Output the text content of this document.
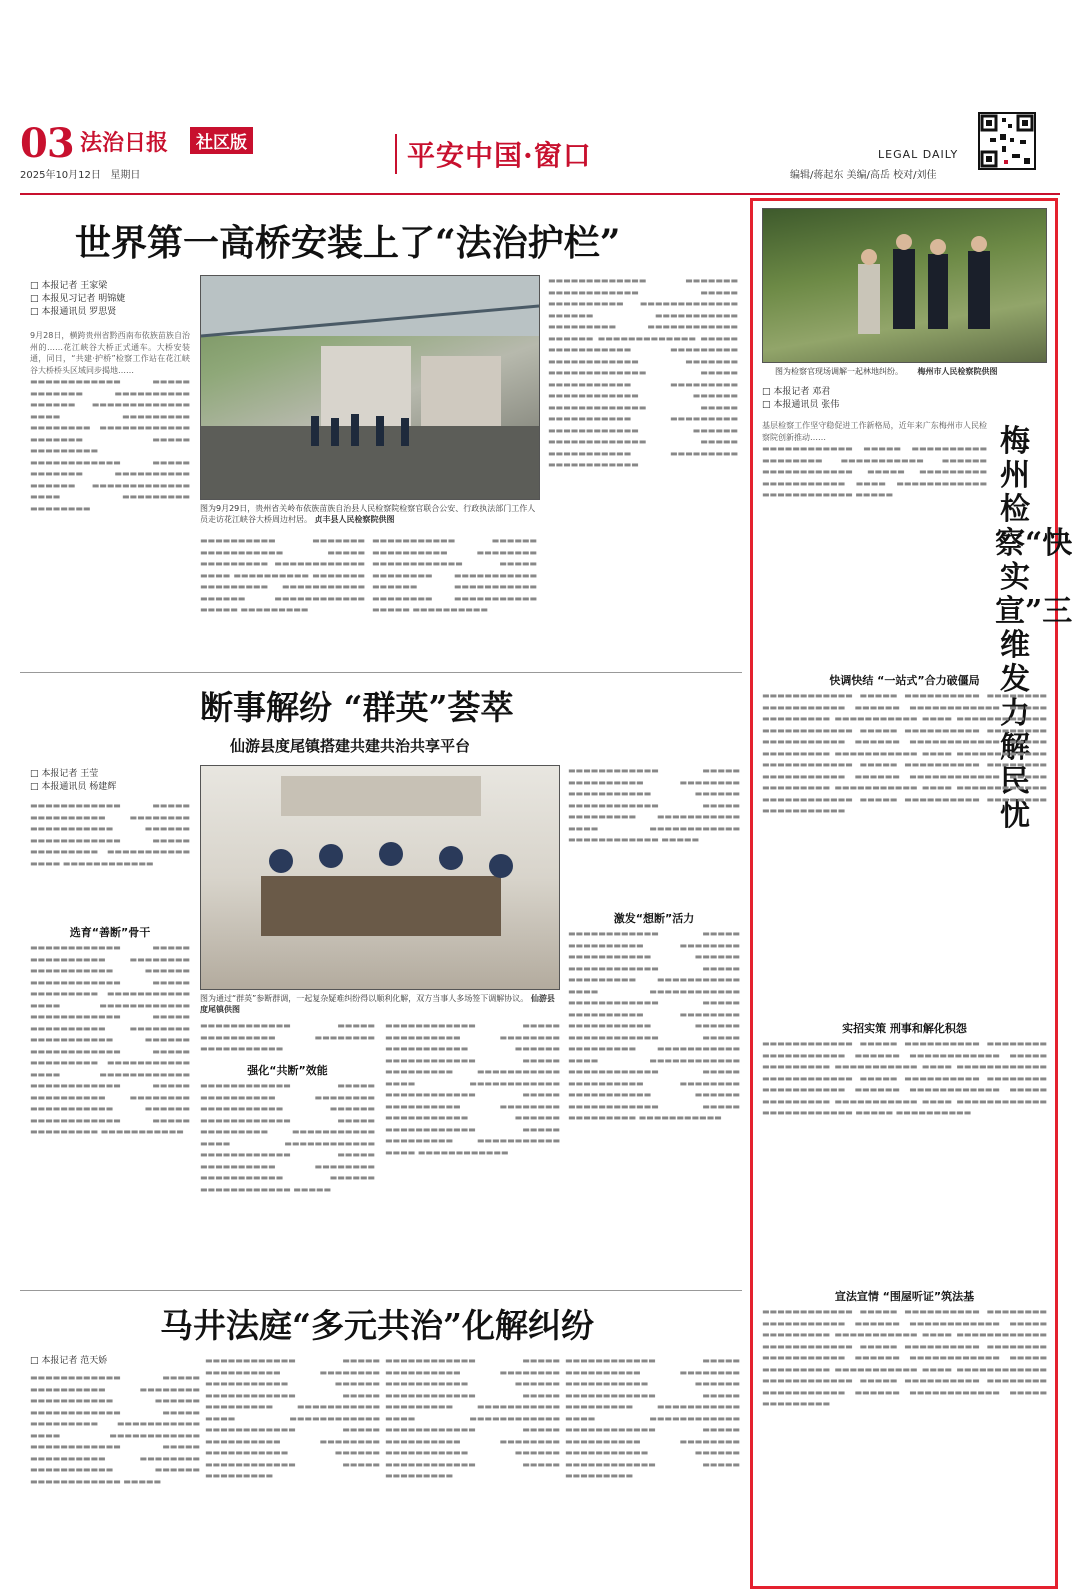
03 法治日报	社区版
2025年10月12日   星期日
平安中国·窗口	LEGAL DAILY
编辑/蒋起东 美编/高岳 校对/刘佳
世界第一高桥安装上了“法治护栏”
□ 本报记者 王家梁
□ 本报见习记者 明锦婕
□ 本报通讯员 罗思贤
9月28日，横跨贵州省黔西南布依族苗族自治州的……花江峡谷大桥正式通车。大桥安装通，同日，“共建·护桥”检察工作站在花江峡谷大桥桥头区域同步揭地……
▬▬▬▬▬▬▬▬▬▬▬▬ ▬▬▬▬▬ ▬▬▬▬▬▬▬ ▬▬▬▬▬▬▬▬▬▬ ▬▬▬▬▬▬ ▬▬▬▬▬▬▬▬▬▬▬▬▬ ▬▬▬▬ ▬▬▬▬▬▬▬▬▬ ▬▬▬▬▬▬▬▬ ▬▬▬▬▬▬▬▬▬▬▬▬ ▬▬▬▬▬▬▬ ▬▬▬▬▬ ▬▬▬▬▬▬▬▬▬ ▬▬▬▬▬▬▬▬▬▬▬▬ ▬▬▬▬▬ ▬▬▬▬▬▬▬ ▬▬▬▬▬▬▬▬▬▬ ▬▬▬▬▬▬ ▬▬▬▬▬▬▬▬▬▬▬▬▬ ▬▬▬▬ ▬▬▬▬▬▬▬▬▬ ▬▬▬▬▬▬▬▬	图为9月29日，贵州省关岭布依族苗族自治县人民检察院检察官联合公安、行政执法部门工作人员走访花江峡谷大桥周边村居。 贞丰县人民检察院供图
▬▬▬▬▬▬▬▬▬▬ ▬▬▬▬▬▬▬ ▬▬▬▬▬▬▬▬▬▬▬ ▬▬▬▬▬ ▬▬▬▬▬▬▬▬▬ ▬▬▬▬▬▬▬▬▬▬▬▬ ▬▬▬▬ ▬▬▬▬▬▬▬▬▬▬ ▬▬▬▬▬▬▬ ▬▬▬▬▬▬▬▬▬ ▬▬▬▬▬▬▬▬▬▬▬ ▬▬▬▬▬▬ ▬▬▬▬▬▬▬▬▬▬▬▬ ▬▬▬▬▬ ▬▬▬▬▬▬▬▬▬
▬▬▬▬▬▬▬▬▬▬▬ ▬▬▬▬▬▬ ▬▬▬▬▬▬▬▬▬▬ ▬▬▬▬▬▬▬▬ ▬▬▬▬▬▬▬▬▬▬▬▬ ▬▬▬▬▬ ▬▬▬▬▬▬▬▬ ▬▬▬▬▬▬▬▬▬▬▬ ▬▬▬▬▬▬ ▬▬▬▬▬▬▬▬▬▬▬ ▬▬▬▬▬▬▬▬ ▬▬▬▬▬▬▬▬▬▬▬ ▬▬▬▬▬ ▬▬▬▬▬▬▬▬▬▬
▬▬▬▬▬▬▬▬▬▬▬▬▬ ▬▬▬▬▬▬▬ ▬▬▬▬▬▬▬▬▬▬▬▬ ▬▬▬▬▬ ▬▬▬▬▬▬▬▬▬▬ ▬▬▬▬▬▬▬▬▬▬▬▬▬ ▬▬▬▬▬▬ ▬▬▬▬▬▬▬▬▬▬▬ ▬▬▬▬▬▬▬▬▬ ▬▬▬▬▬▬▬▬▬▬▬▬ ▬▬▬▬▬▬ ▬▬▬▬▬▬▬▬▬▬▬▬▬ ▬▬▬▬▬ ▬▬▬▬▬▬▬▬▬▬▬ ▬▬▬▬▬▬▬▬▬ ▬▬▬▬▬▬▬▬▬▬▬▬ ▬▬▬▬▬▬▬ ▬▬▬▬▬▬▬▬▬▬▬▬▬ ▬▬▬▬▬ ▬▬▬▬▬▬▬▬▬▬▬ ▬▬▬▬▬▬▬▬▬ ▬▬▬▬▬▬▬▬▬▬▬▬ ▬▬▬▬▬▬ ▬▬▬▬▬▬▬▬▬▬▬▬▬ ▬▬▬▬▬ ▬▬▬▬▬▬▬▬▬▬▬ ▬▬▬▬▬▬▬▬▬ ▬▬▬▬▬▬▬▬▬▬▬▬ ▬▬▬▬▬▬ ▬▬▬▬▬▬▬▬▬▬▬▬▬ ▬▬▬▬▬ ▬▬▬▬▬▬▬▬▬▬▬ ▬▬▬▬▬▬▬▬▬ ▬▬▬▬▬▬▬▬▬▬▬▬
断事解纷 “群英”荟萃
仙游县度尾镇搭建共建共治共享平台
□ 本报记者 王莹
□ 本报通讯员 杨建辉
▬▬▬▬▬▬▬▬▬▬▬▬ ▬▬▬▬▬ ▬▬▬▬▬▬▬▬▬▬ ▬▬▬▬▬▬▬▬ ▬▬▬▬▬▬▬▬▬▬▬ ▬▬▬▬▬▬ ▬▬▬▬▬▬▬▬▬▬▬▬ ▬▬▬▬▬ ▬▬▬▬▬▬▬▬▬ ▬▬▬▬▬▬▬▬▬▬▬ ▬▬▬▬ ▬▬▬▬▬▬▬▬▬▬▬▬
选育“善断”骨干
▬▬▬▬▬▬▬▬▬▬▬▬ ▬▬▬▬▬ ▬▬▬▬▬▬▬▬▬▬ ▬▬▬▬▬▬▬▬ ▬▬▬▬▬▬▬▬▬▬▬ ▬▬▬▬▬▬ ▬▬▬▬▬▬▬▬▬▬▬▬ ▬▬▬▬▬ ▬▬▬▬▬▬▬▬▬ ▬▬▬▬▬▬▬▬▬▬▬ ▬▬▬▬ ▬▬▬▬▬▬▬▬▬▬▬▬ ▬▬▬▬▬▬▬▬▬▬▬▬ ▬▬▬▬▬ ▬▬▬▬▬▬▬▬▬▬ ▬▬▬▬▬▬▬▬ ▬▬▬▬▬▬▬▬▬▬▬ ▬▬▬▬▬▬ ▬▬▬▬▬▬▬▬▬▬▬▬ ▬▬▬▬▬ ▬▬▬▬▬▬▬▬▬ ▬▬▬▬▬▬▬▬▬▬▬ ▬▬▬▬ ▬▬▬▬▬▬▬▬▬▬▬▬ ▬▬▬▬▬▬▬▬▬▬▬▬ ▬▬▬▬▬ ▬▬▬▬▬▬▬▬▬▬ ▬▬▬▬▬▬▬▬ ▬▬▬▬▬▬▬▬▬▬▬ ▬▬▬▬▬▬ ▬▬▬▬▬▬▬▬▬▬▬▬ ▬▬▬▬▬ ▬▬▬▬▬▬▬▬▬ ▬▬▬▬▬▬▬▬▬▬▬
图为通过“群英”参断群调，一起复杂疑难纠纷得以顺利化解，双方当事人多场签下调解协议。 仙游县度尾镇供图
▬▬▬▬▬▬▬▬▬▬▬▬ ▬▬▬▬▬ ▬▬▬▬▬▬▬▬▬▬ ▬▬▬▬▬▬▬▬ ▬▬▬▬▬▬▬▬▬▬▬
强化“共断”效能
▬▬▬▬▬▬▬▬▬▬▬▬ ▬▬▬▬▬ ▬▬▬▬▬▬▬▬▬▬ ▬▬▬▬▬▬▬▬ ▬▬▬▬▬▬▬▬▬▬▬ ▬▬▬▬▬▬ ▬▬▬▬▬▬▬▬▬▬▬▬ ▬▬▬▬▬ ▬▬▬▬▬▬▬▬▬ ▬▬▬▬▬▬▬▬▬▬▬ ▬▬▬▬ ▬▬▬▬▬▬▬▬▬▬▬▬ ▬▬▬▬▬▬▬▬▬▬▬▬ ▬▬▬▬▬ ▬▬▬▬▬▬▬▬▬▬ ▬▬▬▬▬▬▬▬ ▬▬▬▬▬▬▬▬▬▬▬ ▬▬▬▬▬▬ ▬▬▬▬▬▬▬▬▬▬▬▬ ▬▬▬▬▬
▬▬▬▬▬▬▬▬▬▬▬▬ ▬▬▬▬▬ ▬▬▬▬▬▬▬▬▬▬ ▬▬▬▬▬▬▬▬ ▬▬▬▬▬▬▬▬▬▬▬ ▬▬▬▬▬▬ ▬▬▬▬▬▬▬▬▬▬▬▬ ▬▬▬▬▬ ▬▬▬▬▬▬▬▬▬ ▬▬▬▬▬▬▬▬▬▬▬ ▬▬▬▬ ▬▬▬▬▬▬▬▬▬▬▬▬ ▬▬▬▬▬▬▬▬▬▬▬▬ ▬▬▬▬▬ ▬▬▬▬▬▬▬▬▬▬ ▬▬▬▬▬▬▬▬ ▬▬▬▬▬▬▬▬▬▬▬ ▬▬▬▬▬▬ ▬▬▬▬▬▬▬▬▬▬▬▬ ▬▬▬▬▬ ▬▬▬▬▬▬▬▬▬ ▬▬▬▬▬▬▬▬▬▬▬ ▬▬▬▬ ▬▬▬▬▬▬▬▬▬▬▬▬
▬▬▬▬▬▬▬▬▬▬▬▬ ▬▬▬▬▬ ▬▬▬▬▬▬▬▬▬▬ ▬▬▬▬▬▬▬▬ ▬▬▬▬▬▬▬▬▬▬▬ ▬▬▬▬▬▬ ▬▬▬▬▬▬▬▬▬▬▬▬ ▬▬▬▬▬ ▬▬▬▬▬▬▬▬▬ ▬▬▬▬▬▬▬▬▬▬▬ ▬▬▬▬ ▬▬▬▬▬▬▬▬▬▬▬▬ ▬▬▬▬▬▬▬▬▬▬▬▬ ▬▬▬▬▬
激发“想断”活力
▬▬▬▬▬▬▬▬▬▬▬▬ ▬▬▬▬▬ ▬▬▬▬▬▬▬▬▬▬ ▬▬▬▬▬▬▬▬ ▬▬▬▬▬▬▬▬▬▬▬ ▬▬▬▬▬▬ ▬▬▬▬▬▬▬▬▬▬▬▬ ▬▬▬▬▬ ▬▬▬▬▬▬▬▬▬ ▬▬▬▬▬▬▬▬▬▬▬ ▬▬▬▬ ▬▬▬▬▬▬▬▬▬▬▬▬ ▬▬▬▬▬▬▬▬▬▬▬▬ ▬▬▬▬▬ ▬▬▬▬▬▬▬▬▬▬ ▬▬▬▬▬▬▬▬ ▬▬▬▬▬▬▬▬▬▬▬ ▬▬▬▬▬▬ ▬▬▬▬▬▬▬▬▬▬▬▬ ▬▬▬▬▬ ▬▬▬▬▬▬▬▬▬ ▬▬▬▬▬▬▬▬▬▬▬ ▬▬▬▬ ▬▬▬▬▬▬▬▬▬▬▬▬ ▬▬▬▬▬▬▬▬▬▬▬▬ ▬▬▬▬▬ ▬▬▬▬▬▬▬▬▬▬ ▬▬▬▬▬▬▬▬ ▬▬▬▬▬▬▬▬▬▬▬ ▬▬▬▬▬▬ ▬▬▬▬▬▬▬▬▬▬▬▬ ▬▬▬▬▬ ▬▬▬▬▬▬▬▬▬ ▬▬▬▬▬▬▬▬▬▬▬
马井法庭“多元共治”化解纠纷
□ 本报记者 范天娇
▬▬▬▬▬▬▬▬▬▬▬▬ ▬▬▬▬▬ ▬▬▬▬▬▬▬▬▬▬ ▬▬▬▬▬▬▬▬ ▬▬▬▬▬▬▬▬▬▬▬ ▬▬▬▬▬▬ ▬▬▬▬▬▬▬▬▬▬▬▬ ▬▬▬▬▬ ▬▬▬▬▬▬▬▬▬ ▬▬▬▬▬▬▬▬▬▬▬ ▬▬▬▬ ▬▬▬▬▬▬▬▬▬▬▬▬ ▬▬▬▬▬▬▬▬▬▬▬▬ ▬▬▬▬▬ ▬▬▬▬▬▬▬▬▬▬ ▬▬▬▬▬▬▬▬ ▬▬▬▬▬▬▬▬▬▬▬ ▬▬▬▬▬▬ ▬▬▬▬▬▬▬▬▬▬▬▬ ▬▬▬▬▬
▬▬▬▬▬▬▬▬▬▬▬▬ ▬▬▬▬▬ ▬▬▬▬▬▬▬▬▬▬ ▬▬▬▬▬▬▬▬ ▬▬▬▬▬▬▬▬▬▬▬ ▬▬▬▬▬▬ ▬▬▬▬▬▬▬▬▬▬▬▬ ▬▬▬▬▬ ▬▬▬▬▬▬▬▬▬ ▬▬▬▬▬▬▬▬▬▬▬ ▬▬▬▬ ▬▬▬▬▬▬▬▬▬▬▬▬ ▬▬▬▬▬▬▬▬▬▬▬▬ ▬▬▬▬▬ ▬▬▬▬▬▬▬▬▬▬ ▬▬▬▬▬▬▬▬ ▬▬▬▬▬▬▬▬▬▬▬ ▬▬▬▬▬▬ ▬▬▬▬▬▬▬▬▬▬▬▬ ▬▬▬▬▬ ▬▬▬▬▬▬▬▬▬
▬▬▬▬▬▬▬▬▬▬▬▬ ▬▬▬▬▬ ▬▬▬▬▬▬▬▬▬▬ ▬▬▬▬▬▬▬▬ ▬▬▬▬▬▬▬▬▬▬▬ ▬▬▬▬▬▬ ▬▬▬▬▬▬▬▬▬▬▬▬ ▬▬▬▬▬ ▬▬▬▬▬▬▬▬▬ ▬▬▬▬▬▬▬▬▬▬▬ ▬▬▬▬ ▬▬▬▬▬▬▬▬▬▬▬▬ ▬▬▬▬▬▬▬▬▬▬▬▬ ▬▬▬▬▬ ▬▬▬▬▬▬▬▬▬▬ ▬▬▬▬▬▬▬▬ ▬▬▬▬▬▬▬▬▬▬▬ ▬▬▬▬▬▬ ▬▬▬▬▬▬▬▬▬▬▬▬ ▬▬▬▬▬ ▬▬▬▬▬▬▬▬▬
▬▬▬▬▬▬▬▬▬▬▬▬ ▬▬▬▬▬ ▬▬▬▬▬▬▬▬▬▬ ▬▬▬▬▬▬▬▬ ▬▬▬▬▬▬▬▬▬▬▬ ▬▬▬▬▬▬ ▬▬▬▬▬▬▬▬▬▬▬▬ ▬▬▬▬▬ ▬▬▬▬▬▬▬▬▬ ▬▬▬▬▬▬▬▬▬▬▬ ▬▬▬▬ ▬▬▬▬▬▬▬▬▬▬▬▬ ▬▬▬▬▬▬▬▬▬▬▬▬ ▬▬▬▬▬ ▬▬▬▬▬▬▬▬▬▬ ▬▬▬▬▬▬▬▬ ▬▬▬▬▬▬▬▬▬▬▬ ▬▬▬▬▬▬ ▬▬▬▬▬▬▬▬▬▬▬▬ ▬▬▬▬▬ ▬▬▬▬▬▬▬▬▬
图为检察官现场调解一起林地纠纷。 梅州市人民检察院供图
□ 本报记者 邓君
□ 本报通讯员 张伟
基层检察工作坚守稳促进工作新格局，近年来广东梅州市人民检察院创新推动……
▬▬▬▬▬▬▬▬▬▬▬▬ ▬▬▬▬▬ ▬▬▬▬▬▬▬▬▬▬ ▬▬▬▬▬▬▬▬ ▬▬▬▬▬▬▬▬▬▬▬ ▬▬▬▬▬▬ ▬▬▬▬▬▬▬▬▬▬▬▬ ▬▬▬▬▬ ▬▬▬▬▬▬▬▬▬ ▬▬▬▬▬▬▬▬▬▬▬ ▬▬▬▬ ▬▬▬▬▬▬▬▬▬▬▬▬ ▬▬▬▬▬▬▬▬▬▬▬▬ ▬▬▬▬▬
梅州检察“快实宣”三维发力解民忧
快调快结 “一站式”合力破僵局
▬▬▬▬▬▬▬▬▬▬▬▬ ▬▬▬▬▬ ▬▬▬▬▬▬▬▬▬▬ ▬▬▬▬▬▬▬▬ ▬▬▬▬▬▬▬▬▬▬▬ ▬▬▬▬▬▬ ▬▬▬▬▬▬▬▬▬▬▬▬ ▬▬▬▬▬ ▬▬▬▬▬▬▬▬▬ ▬▬▬▬▬▬▬▬▬▬▬ ▬▬▬▬ ▬▬▬▬▬▬▬▬▬▬▬▬ ▬▬▬▬▬▬▬▬▬▬▬▬ ▬▬▬▬▬ ▬▬▬▬▬▬▬▬▬▬ ▬▬▬▬▬▬▬▬ ▬▬▬▬▬▬▬▬▬▬▬ ▬▬▬▬▬▬ ▬▬▬▬▬▬▬▬▬▬▬▬ ▬▬▬▬▬ ▬▬▬▬▬▬▬▬▬ ▬▬▬▬▬▬▬▬▬▬▬ ▬▬▬▬ ▬▬▬▬▬▬▬▬▬▬▬▬ ▬▬▬▬▬▬▬▬▬▬▬▬ ▬▬▬▬▬ ▬▬▬▬▬▬▬▬▬▬ ▬▬▬▬▬▬▬▬ ▬▬▬▬▬▬▬▬▬▬▬ ▬▬▬▬▬▬ ▬▬▬▬▬▬▬▬▬▬▬▬ ▬▬▬▬▬ ▬▬▬▬▬▬▬▬▬ ▬▬▬▬▬▬▬▬▬▬▬ ▬▬▬▬ ▬▬▬▬▬▬▬▬▬▬▬▬ ▬▬▬▬▬▬▬▬▬▬▬▬ ▬▬▬▬▬ ▬▬▬▬▬▬▬▬▬▬ ▬▬▬▬▬▬▬▬ ▬▬▬▬▬▬▬▬▬▬▬
实招实策 刑事和解化积怨
▬▬▬▬▬▬▬▬▬▬▬▬ ▬▬▬▬▬ ▬▬▬▬▬▬▬▬▬▬ ▬▬▬▬▬▬▬▬ ▬▬▬▬▬▬▬▬▬▬▬ ▬▬▬▬▬▬ ▬▬▬▬▬▬▬▬▬▬▬▬ ▬▬▬▬▬ ▬▬▬▬▬▬▬▬▬ ▬▬▬▬▬▬▬▬▬▬▬ ▬▬▬▬ ▬▬▬▬▬▬▬▬▬▬▬▬ ▬▬▬▬▬▬▬▬▬▬▬▬ ▬▬▬▬▬ ▬▬▬▬▬▬▬▬▬▬ ▬▬▬▬▬▬▬▬ ▬▬▬▬▬▬▬▬▬▬▬ ▬▬▬▬▬▬ ▬▬▬▬▬▬▬▬▬▬▬▬ ▬▬▬▬▬ ▬▬▬▬▬▬▬▬▬ ▬▬▬▬▬▬▬▬▬▬▬ ▬▬▬▬ ▬▬▬▬▬▬▬▬▬▬▬▬ ▬▬▬▬▬▬▬▬▬▬▬▬ ▬▬▬▬▬ ▬▬▬▬▬▬▬▬▬▬
宣法宣情 “围屋听证”筑法基
▬▬▬▬▬▬▬▬▬▬▬▬ ▬▬▬▬▬ ▬▬▬▬▬▬▬▬▬▬ ▬▬▬▬▬▬▬▬ ▬▬▬▬▬▬▬▬▬▬▬ ▬▬▬▬▬▬ ▬▬▬▬▬▬▬▬▬▬▬▬ ▬▬▬▬▬ ▬▬▬▬▬▬▬▬▬ ▬▬▬▬▬▬▬▬▬▬▬ ▬▬▬▬ ▬▬▬▬▬▬▬▬▬▬▬▬ ▬▬▬▬▬▬▬▬▬▬▬▬ ▬▬▬▬▬ ▬▬▬▬▬▬▬▬▬▬ ▬▬▬▬▬▬▬▬ ▬▬▬▬▬▬▬▬▬▬▬ ▬▬▬▬▬▬ ▬▬▬▬▬▬▬▬▬▬▬▬ ▬▬▬▬▬ ▬▬▬▬▬▬▬▬▬ ▬▬▬▬▬▬▬▬▬▬▬ ▬▬▬▬ ▬▬▬▬▬▬▬▬▬▬▬▬ ▬▬▬▬▬▬▬▬▬▬▬▬ ▬▬▬▬▬ ▬▬▬▬▬▬▬▬▬▬ ▬▬▬▬▬▬▬▬ ▬▬▬▬▬▬▬▬▬▬▬ ▬▬▬▬▬▬ ▬▬▬▬▬▬▬▬▬▬▬▬ ▬▬▬▬▬ ▬▬▬▬▬▬▬▬▬
